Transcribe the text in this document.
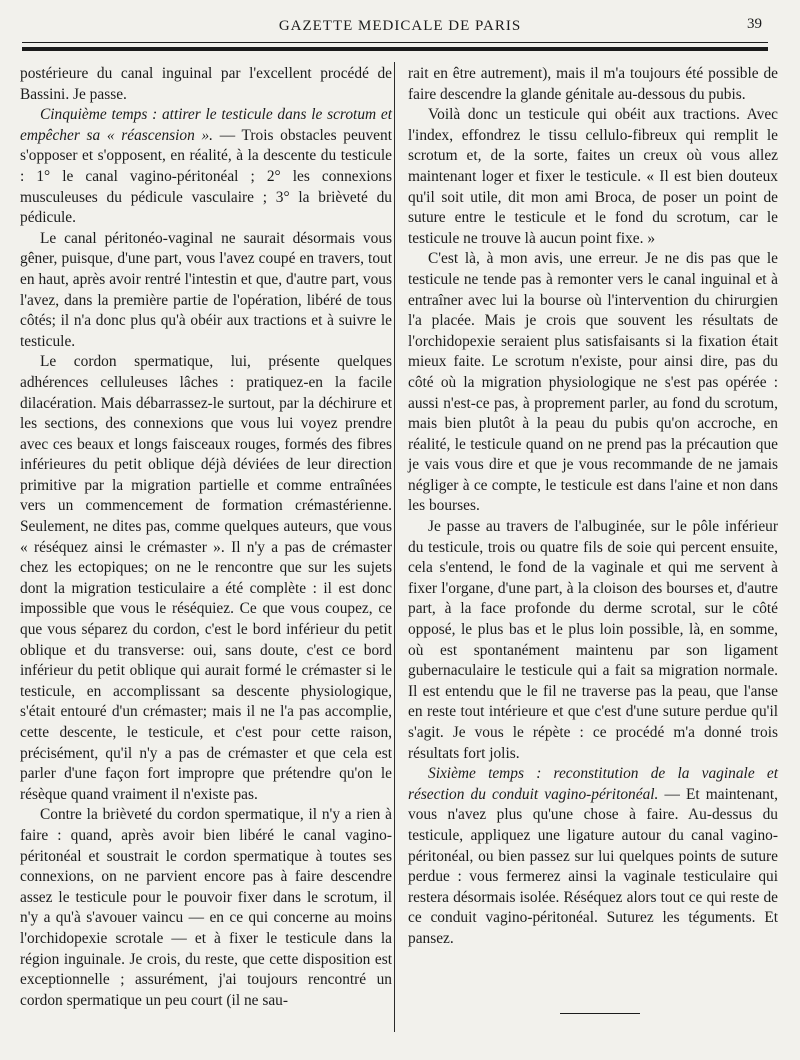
GAZETTE MEDICALE DE PARIS	39

postérieure du canal inguinal par l'excellent procédé de Bassini. Je passe.

Cinquième temps : attirer le testicule dans le scrotum et empêcher sa « réascension ». — Trois obstacles peuvent s'opposer et s'opposent, en réalité, à la descente du testicule : 1° le canal vagino-péritonéal ; 2° les connexions musculeuses du pédicule vasculaire ; 3° la brièveté du pédicule.

Le canal péritonéo-vaginal ne saurait désormais vous gêner, puisque, d'une part, vous l'avez coupé en travers, tout en haut, après avoir rentré l'intestin et que, d'autre part, vous l'avez, dans la première partie de l'opération, libéré de tous côtés; il n'a donc plus qu'à obéir aux tractions et à suivre le testicule.

Le cordon spermatique, lui, présente quelques adhérences celluleuses lâches : pratiquez-en la facile dilacération. Mais débarrassez-le surtout, par la déchirure et les sections, des connexions que vous lui voyez prendre avec ces beaux et longs faisceaux rouges, formés des fibres inférieures du petit oblique déjà déviées de leur direction primitive par la migration partielle et comme entraînées vers un commencement de formation crémastérienne. Seulement, ne dites pas, comme quelques auteurs, que vous « réséquez ainsi le crémaster ». Il n'y a pas de crémaster chez les ectopiques; on ne le rencontre que sur les sujets dont la migration testiculaire a été complète : il est donc impossible que vous le réséquiez. Ce que vous coupez, ce que vous séparez du cordon, c'est le bord inférieur du petit oblique et du transverse: oui, sans doute, c'est ce bord inférieur du petit oblique qui aurait formé le crémaster si le testicule, en accomplissant sa descente physiologique, s'était entouré d'un crémaster; mais il ne l'a pas accomplie, cette descente, le testicule, et c'est pour cette raison, précisément, qu'il n'y a pas de crémaster et que cela est parler d'une façon fort impropre que prétendre qu'on le résèque quand vraiment il n'existe pas.

Contre la brièveté du cordon spermatique, il n'y a rien à faire : quand, après avoir bien libéré le canal vagino-péritonéal et soustrait le cordon spermatique à toutes ses connexions, on ne parvient encore pas à faire descendre assez le testicule pour le pouvoir fixer dans le scrotum, il n'y a qu'à s'avouer vaincu — en ce qui concerne au moins l'orchidopexie scrotale — et à fixer le testicule dans la région inguinale. Je crois, du reste, que cette disposition est exceptionnelle ; assurément, j'ai toujours rencontré un cordon spermatique un peu court (il ne sau-

rait en être autrement), mais il m'a toujours été possible de faire descendre la glande génitale au-dessous du pubis.

Voilà donc un testicule qui obéit aux tractions. Avec l'index, effondrez le tissu cellulo-fibreux qui remplit le scrotum et, de la sorte, faites un creux où vous allez maintenant loger et fixer le testicule. « Il est bien douteux qu'il soit utile, dit mon ami Broca, de poser un point de suture entre le testicule et le fond du scrotum, car le testicule ne trouve là aucun point fixe. »

C'est là, à mon avis, une erreur. Je ne dis pas que le testicule ne tende pas à remonter vers le canal inguinal et à entraîner avec lui la bourse où l'intervention du chirurgien l'a placée. Mais je crois que souvent les résultats de l'orchidopexie seraient plus satisfaisants si la fixation était mieux faite. Le scrotum n'existe, pour ainsi dire, pas du côté où la migration physiologique ne s'est pas opérée : aussi n'est-ce pas, à proprement parler, au fond du scrotum, mais bien plutôt à la peau du pubis qu'on accroche, en réalité, le testicule quand on ne prend pas la précaution que je vais vous dire et que je vous recommande de ne jamais négliger à ce compte, le testicule est dans l'aine et non dans les bourses.

Je passe au travers de l'albuginée, sur le pôle inférieur du testicule, trois ou quatre fils de soie qui percent ensuite, cela s'entend, le fond de la vaginale et qui me servent à fixer l'organe, d'une part, à la cloison des bourses et, d'autre part, à la face profonde du derme scrotal, sur le côté opposé, le plus bas et le plus loin possible, là, en somme, où est spontanément maintenu par son ligament gubernaculaire le testicule qui a fait sa migration normale. Il est entendu que le fil ne traverse pas la peau, que l'anse en reste tout intérieure et que c'est d'une suture perdue qu'il s'agit. Je vous le répète : ce procédé m'a donné trois résultats fort jolis.

Sixième temps : reconstitution de la vaginale et résection du conduit vagino-péritonéal. — Et maintenant, vous n'avez plus qu'une chose à faire. Au-dessus du testicule, appliquez une ligature autour du canal vagino-péritonéal, ou bien passez sur lui quelques points de suture perdue : vous fermerez ainsi la vaginale testiculaire qui restera désormais isolée. Réséquez alors tout ce qui reste de ce conduit vagino-péritonéal. Suturez les téguments. Et pansez.
